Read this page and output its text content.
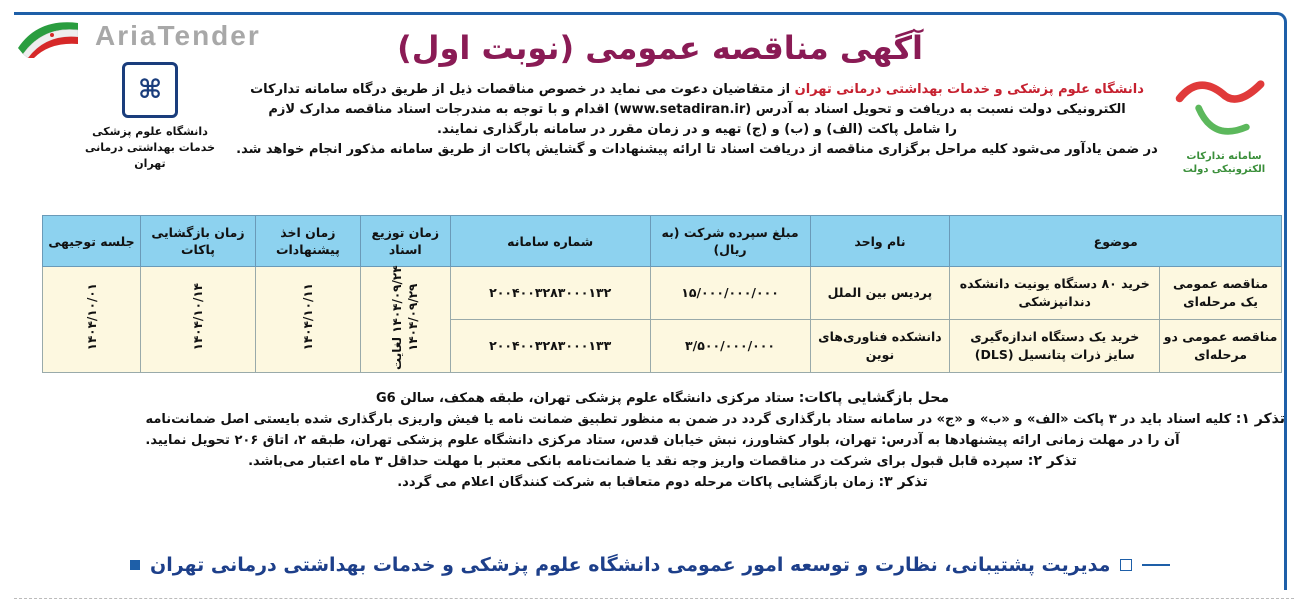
AriaTender	آگهی مناقصه عمومی (نوبت اول)
⌘
دانشگاه علوم پزشکی
خدمات بهداشتی درمانی تهران
سامانه تدارکات الکترونیکی دولت
دانشگاه علوم پزشکی و خدمات بهداشتی درمانی تهران از متقاضیان دعوت می نماید در خصوص مناقصات ذیل از طریق درگاه سامانه تدارکات
الکترونیکی دولت نسبت به دریافت و تحویل اسناد به آدرس (www.setadiran.ir) اقدام و با توجه به مندرجات اسناد مناقصه مدارک لازم
را شامل پاکت (الف) و (ب) و (ج) تهیه و در زمان مقرر در سامانه بارگذاری نمایند.
در ضمن یادآور می‌شود کلیه مراحل برگزاری مناقصه از دریافت اسناد تا ارائه پیشنهادات و گشایش پاکات از طریق سامانه مذکور انجام خواهد شد.
موضوع		نام واحد	مبلغ سپرده شرکت (به ریال)	شماره سامانه	زمان توزیع اسناد	زمان اخذ پیشنهادات	زمان بازگشایی پاکات	جلسه توجیهی
مناقصه عمومی یک مرحله‌ای	خرید ۸۰ دستگاه یونیت دانشکده دندانپزشکی	پردیس بین الملل	۱۵/۰۰۰/۰۰۰/۰۰۰	۲۰۰۴۰۰۳۲۸۳۰۰۰۱۳۲	۱۴۰۴/۰۹/۲۴ لغایت ۱۴۰۴/۰۹/۲۹	۱۴۰۴/۱۰/۱۱	۱۴۰۴/۱۰/۱۴	۱۴۰۴/۱۰/۰۱
مناقصه عمومی دو مرحله‌ای	خرید یک دستگاه اندازه‌گیری سایز ذرات پتانسیل (DLS)	دانشکده فناوری‌های نوین	۳/۵۰۰/۰۰۰/۰۰۰	۲۰۰۴۰۰۳۲۸۳۰۰۰۱۳۳				
محل بازگشایی پاکات: ستاد مرکزی دانشگاه علوم پزشکی تهران، طبقه همکف، سالن G6
تذکر ۱: کلیه اسناد باید در ۳ پاکت «الف» و «ب» و «ج» در سامانه ستاد بارگذاری گردد در ضمن به منظور تطبیق ضمانت نامه یا فیش واریزی بارگذاری شده بایستی اصل ضمانت‌نامه
آن را در مهلت زمانی ارائه پیشنهادها به آدرس: تهران، بلوار کشاورز، نبش خیابان قدس، ستاد مرکزی دانشگاه علوم پزشکی تهران، طبقه ۲، اتاق ۲۰۶ تحویل نمایید.
تذکر ۲: سپرده قابل قبول برای شرکت در مناقصات واریز وجه نقد یا ضمانت‌نامه بانکی معتبر با مهلت حداقل ۳ ماه اعتبار می‌باشد.
تذکر ۳: زمان بازگشایی پاکات مرحله دوم متعاقبا به شرکت کنندگان اعلام می گردد.
مدیریت پشتیبانی، نظارت و توسعه امور عمومی دانشگاه علوم پزشکی و خدمات بهداشتی درمانی تهران
